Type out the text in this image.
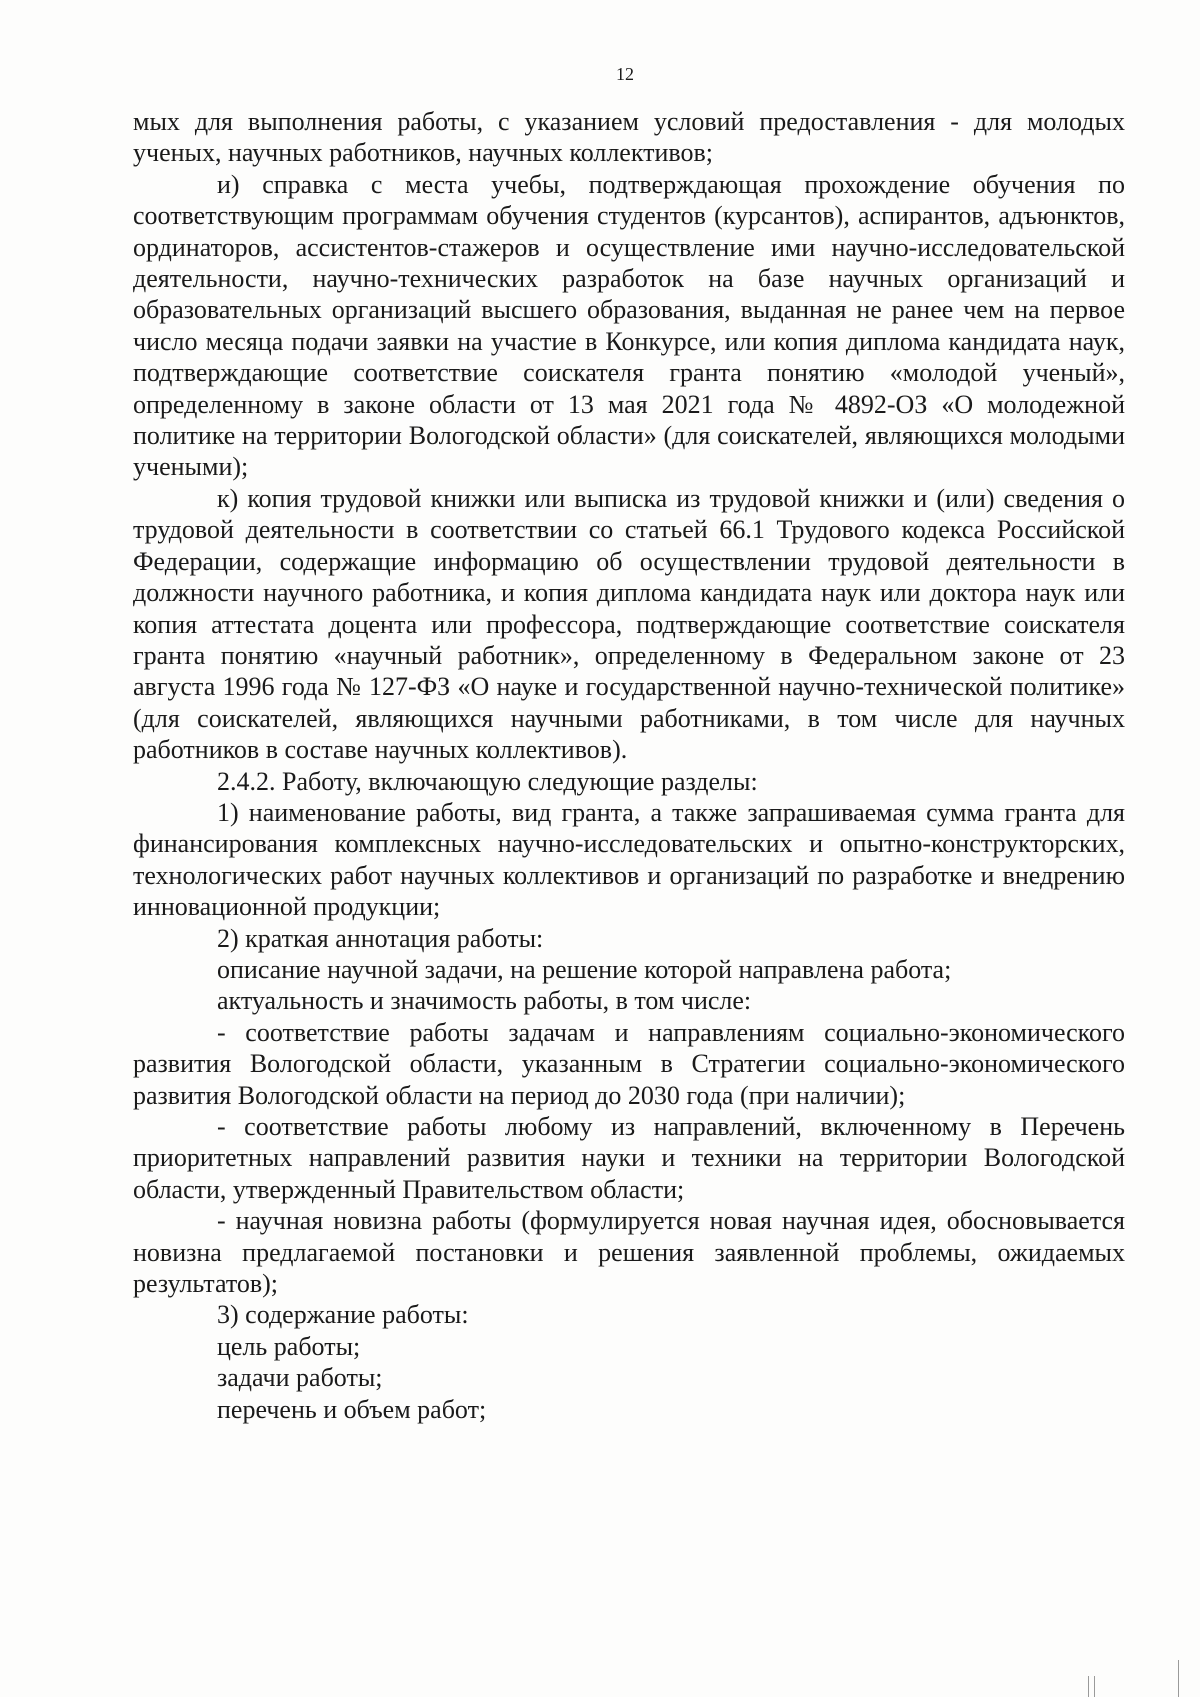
12

мых для выполнения работы, с указанием условий предоставления - для молодых ученых, научных работников, научных коллективов;

и) справка с места учебы, подтверждающая прохождение обучения по соответствующим программам обучения студентов (курсантов), аспирантов, адъюнктов, ординаторов, ассистентов-стажеров и осуществление ими научно-исследовательской деятельности, научно-технических разработок на базе научных организаций и образовательных организаций высшего образования, выданная не ранее чем на первое число месяца подачи заявки на участие в Конкурсе, или копия диплома кандидата наук, подтверждающие соответствие соискателя гранта понятию «молодой ученый», определенному в законе области от 13 мая 2021 года № 4892-ОЗ «О молодежной политике на территории Вологодской области» (для соискателей, являющихся молодыми учеными);

к) копия трудовой книжки или выписка из трудовой книжки и (или) сведения о трудовой деятельности в соответствии со статьей 66.1 Трудового кодекса Российской Федерации, содержащие информацию об осуществлении трудовой деятельности в должности научного работника, и копия диплома кандидата наук или доктора наук или копия аттестата доцента или профессора, подтверждающие соответствие соискателя гранта понятию «научный работник», определенному в Федеральном законе от 23 августа 1996 года № 127-ФЗ «О науке и государственной научно-технической политике» (для соискателей, являющихся научными работниками, в том числе для научных работников в составе научных коллективов).

2.4.2. Работу, включающую следующие разделы:

1) наименование работы, вид гранта, а также запрашиваемая сумма гранта для финансирования комплексных научно-исследовательских и опытно-конструкторских, технологических работ научных коллективов и организаций по разработке и внедрению инновационной продукции;

2) краткая аннотация работы:

описание научной задачи, на решение которой направлена работа;

актуальность и значимость работы, в том числе:

- соответствие работы задачам и направлениям социально-экономического развития Вологодской области, указанным в Стратегии социально-экономического развития Вологодской области на период до 2030 года (при наличии);

- соответствие работы любому из направлений, включенному в Перечень приоритетных направлений развития науки и техники на территории Вологодской области, утвержденный Правительством области;

- научная новизна работы (формулируется новая научная идея, обосновывается новизна предлагаемой постановки и решения заявленной проблемы, ожидаемых результатов);

3) содержание работы:

цель работы;

задачи работы;

перечень и объем работ;
